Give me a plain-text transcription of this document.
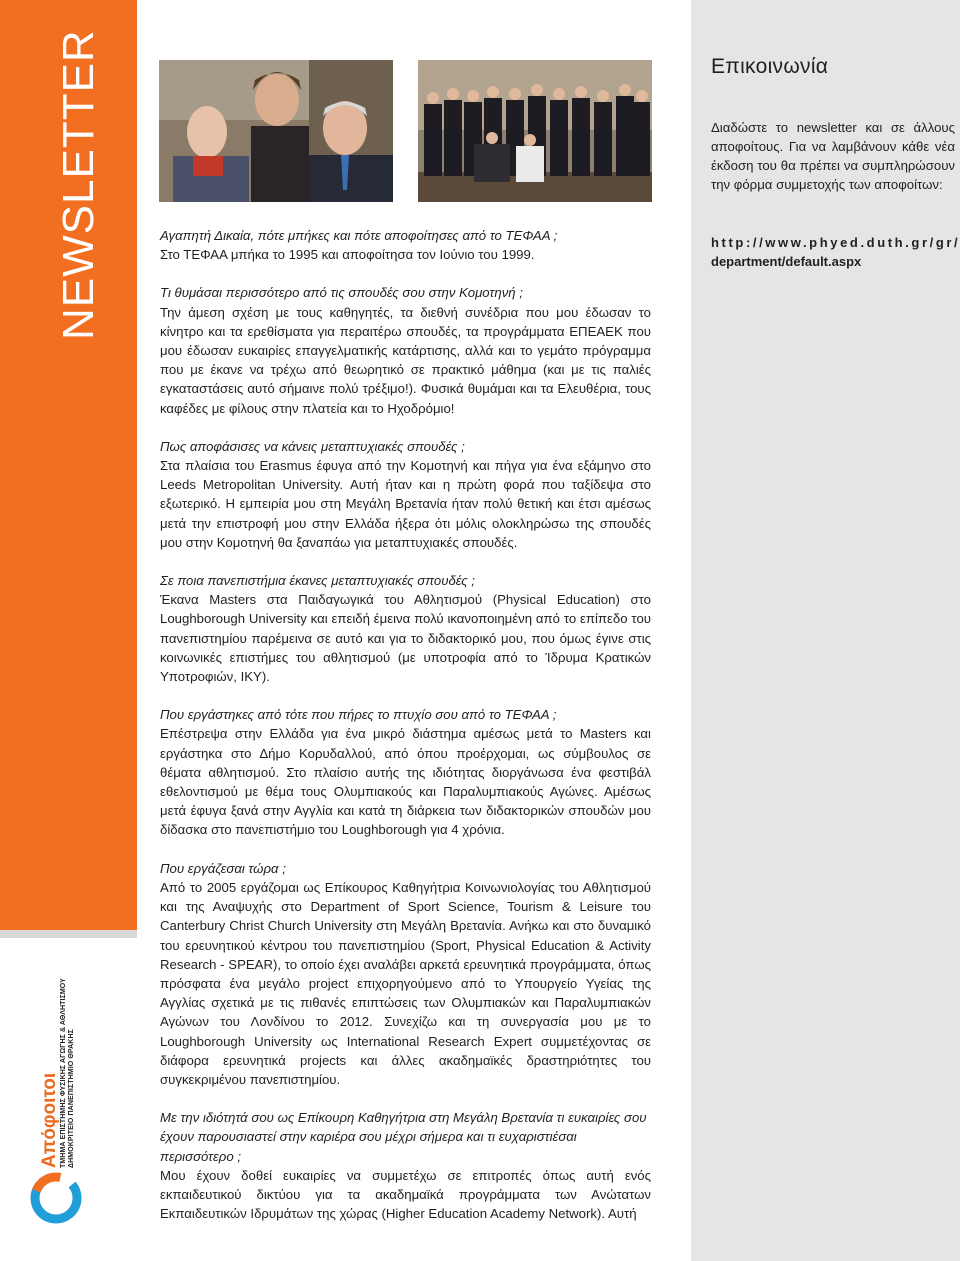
NEWSLETTER
Απόφοιτοι ΤΜΗΜΑ ΕΠΙΣΤΗΜΗΣ ΦΥΣΙΚΗΣ ΑΓΩΓΗΣ & ΑΘΛΗΤΙΣΜΟΥ ΔΗΜΟΚΡΙΤΕΙΟ ΠΑΝΕΠΙΣΤΗΜΙΟ ΘΡΑΚΗΣ
Αγαπητή Δικαία, πότε μπήκες και πότε αποφοίτησες από το ΤΕΦΑΑ ;

Στο ΤΕΦΑΑ μπήκα το 1995 και αποφοίτησα τον Ιούνιο του 1999.

Τι θυμάσαι περισσότερο από τις σπουδές σου στην Κομοτηνή ;

Την άμεση σχέση με τους καθηγητές, τα διεθνή συνέδρια που μου έδωσαν το κίνητρο και τα ερεθίσματα για περαιτέρω σπουδές, τα προγράμματα ΕΠΕΑΕΚ που μου έδωσαν ευκαιρίες επαγγελματικής κατάρτισης, αλλά και το γεμάτο πρόγραμμα που με έκανε να τρέχω από θεωρητικό σε πρακτικό μάθημα (και με τις παλιές εγκαταστάσεις αυτό σήμαινε πολύ τρέξιμο!). Φυσικά θυμάμαι και τα Ελευθέρια, τους καφέδες με φίλους στην πλατεία και το Ηχοδρόμιο!

Πως αποφάσισες να κάνεις μεταπτυχιακές σπουδές ;

Στα πλαίσια του Erasmus έφυγα από την Κομοτηνή και πήγα για ένα εξάμηνο στο Leeds Metropolitan University. Αυτή ήταν και η πρώτη φορά που ταξίδεψα στο εξωτερικό. Η εμπειρία μου στη Μεγάλη Βρετανία ήταν πολύ θετική και έτσι αμέσως μετά την επιστροφή μου στην Ελλάδα ήξερα ότι μόλις ολοκληρώσω της σπουδές μου στην Κομοτηνή θα ξαναπάω για μεταπτυχιακές σπουδές.

Σε ποια πανεπιστήμια έκανες μεταπτυχιακές σπουδές ;

Έκανα Masters στα Παιδαγωγικά του Αθλητισμού (Physical Education) στο Loughborough University και επειδή έμεινα πολύ ικανοποιημένη από το επίπεδο του πανεπιστημίου παρέμεινα σε αυτό και για το διδακτορικό μου, που όμως έγινε στις κοινωνικές επιστήμες του αθλητισμού (με υποτροφία από το Ίδρυμα Κρατικών Υποτροφιών, ΙΚΥ).

Που εργάστηκες από τότε που πήρες το πτυχίο σου από το ΤΕΦΑΑ ;

Επέστρεψα στην Ελλάδα για ένα μικρό διάστημα αμέσως μετά το Masters και εργάστηκα στο Δήμο Κορυδαλλού, από όπου προέρχομαι, ως σύμβουλος σε θέματα αθλητισμού. Στο πλαίσιο αυτής της ιδιότητας διοργάνωσα ένα φεστιβάλ εθελοντισμού με θέμα τους Ολυμπιακούς και Παραλυμπιακούς Αγώνες. Αμέσως μετά έφυγα ξανά στην Αγγλία και κατά τη διάρκεια των διδακτορικών σπουδών μου δίδασκα στο πανεπιστήμιο του Loughborough για 4 χρόνια.

Που εργάζεσαι τώρα ;

Από το 2005 εργάζομαι ως Επίκουρος Καθηγήτρια Κοινωνιολογίας του Αθλητισμού και της Αναψυχής στο Department of Sport Science, Tourism & Leisure του Canterbury Christ Church University στη Μεγάλη Βρετανία. Ανήκω και στο δυναμικό του ερευνητικού κέντρου του πανεπιστημίου (Sport, Physical Education & Activity Research - SPEAR), το οποίο έχει αναλάβει αρκετά ερευνητικά προγράμματα, όπως πρόσφατα ένα μεγάλο project επιχορηγούμενο από το Υπουργείο Υγείας της Αγγλίας σχετικά με τις πιθανές επιπτώσεις των Ολυμπιακών και Παραλυμπιακών Αγώνων του Λονδίνου το 2012. Συνεχίζω και τη συνεργασία μου με το Loughborough University ως International Research Expert συμμετέχοντας σε διάφορα ερευνητικά projects και άλλες ακαδημαϊκές δραστηριότητες του συγκεκριμένου πανεπιστημίου.

Με την ιδιότητά σου ως Επίκουρη Καθηγήτρια στη Μεγάλη Βρετανία τι ευκαιρίες σου έχουν παρουσιαστεί στην καριέρα σου μέχρι σήμερα και τι ευχαριστιέσαι περισσότερο ;

Μου έχουν δοθεί ευκαιρίες να συμμετέχω σε επιτροπές όπως αυτή ενός εκπαιδευτικού δικτύου για τα ακαδημαϊκά προγράμματα των Ανώτατων Εκπαιδευτικών Ιδρυμάτων της χώρας (Higher Education Academy Network). Αυτή

Επικοινωνία
Διαδώστε το newsletter και σε άλλους αποφοίτους. Για να λαμβάνουν κάθε νέα έκδοση του θα πρέπει να συμπληρώσουν την φόρμα συμμετοχής των αποφοίτων:
http://www.phyed.duth.gr/gr/
department/default.aspx
